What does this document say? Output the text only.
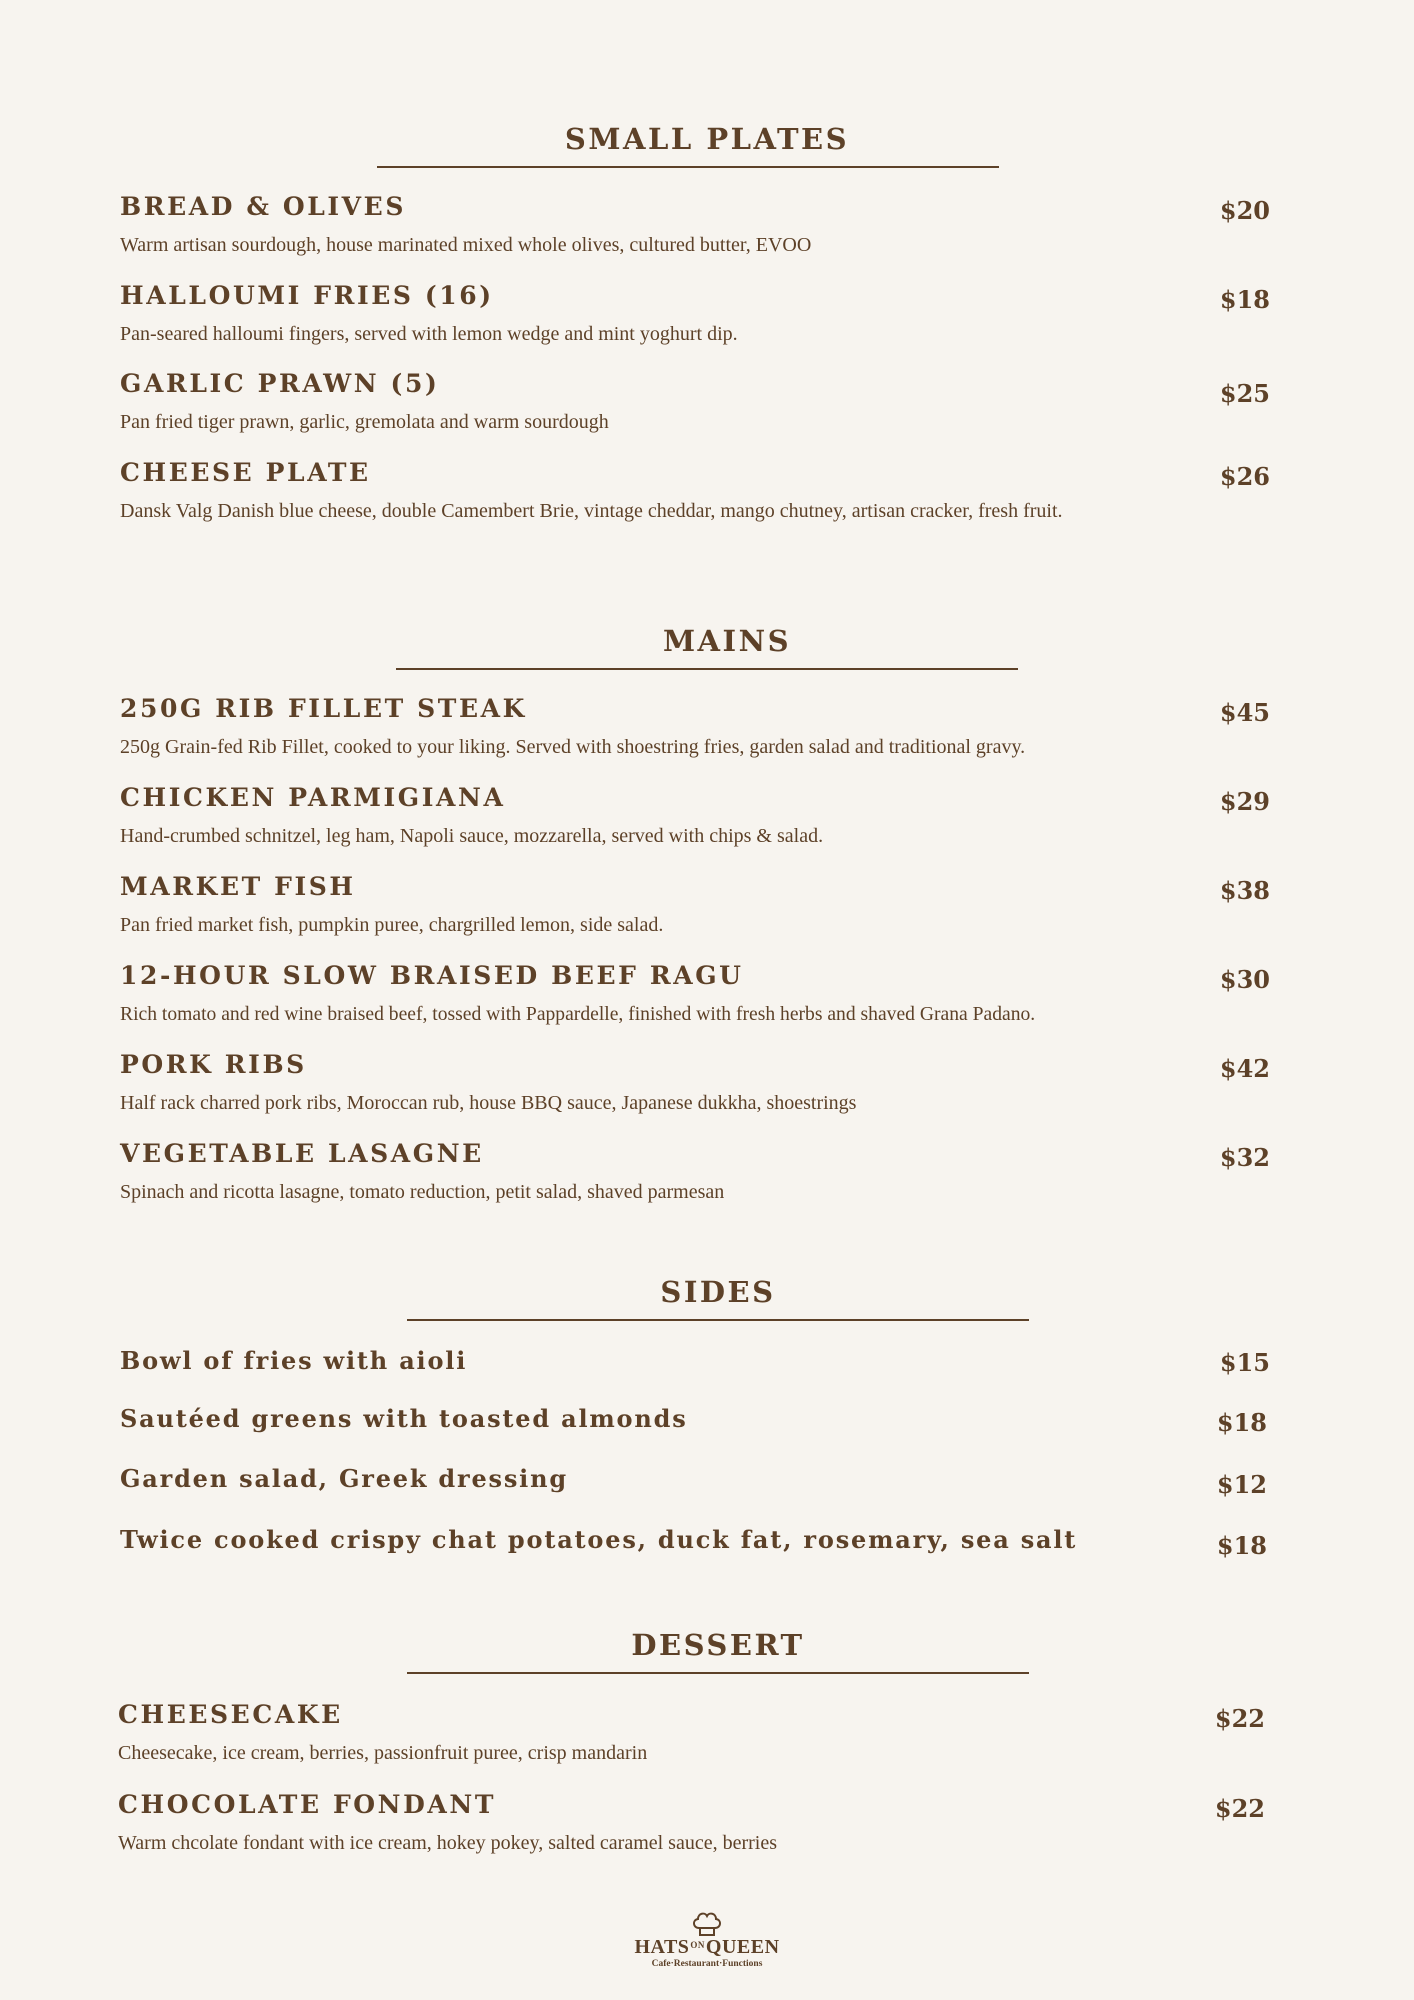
SMALL PLATES
BREAD & OLIVES	$20
Warm artisan sourdough, house marinated mixed whole olives, cultured butter, EVOO
HALLOUMI FRIES (16)	$18
Pan-seared halloumi fingers, served with lemon wedge and mint yoghurt dip.
GARLIC PRAWN (5)	$25
Pan fried tiger prawn, garlic, gremolata and warm sourdough
CHEESE PLATE	$26
Dansk Valg Danish blue cheese, double Camembert Brie, vintage cheddar, mango chutney, artisan cracker, fresh fruit.
MAINS
250G RIB FILLET STEAK	$45
250g Grain-fed Rib Fillet, cooked to your liking. Served with shoestring fries, garden salad and traditional gravy.
CHICKEN PARMIGIANA	$29
Hand-crumbed schnitzel, leg ham, Napoli sauce, mozzarella, served with chips & salad.
MARKET FISH	$38
Pan fried market fish, pumpkin puree, chargrilled lemon, side salad.
12-HOUR SLOW BRAISED BEEF RAGU	$30
Rich tomato and red wine braised beef, tossed with Pappardelle, finished with fresh herbs and shaved Grana Padano.
PORK RIBS	$42
Half rack charred pork ribs, Moroccan rub, house BBQ sauce, Japanese dukkha, shoestrings
VEGETABLE LASAGNE	$32
Spinach and ricotta lasagne, tomato reduction, petit salad, shaved parmesan
SIDES
Bowl of fries with aioli	$15
Sautéed greens with toasted almonds	$18
Garden salad, Greek dressing	$12
Twice cooked crispy chat potatoes, duck fat, rosemary, sea salt	$18
DESSERT
CHEESECAKE	$22
Cheesecake, ice cream, berries, passionfruit puree, crisp mandarin
CHOCOLATE FONDANT	$22
Warm chcolate fondant with ice cream, hokey pokey, salted caramel sauce, berries
$HATS^{ON}QUEEN$
Cafe·Restaurant·Functions
